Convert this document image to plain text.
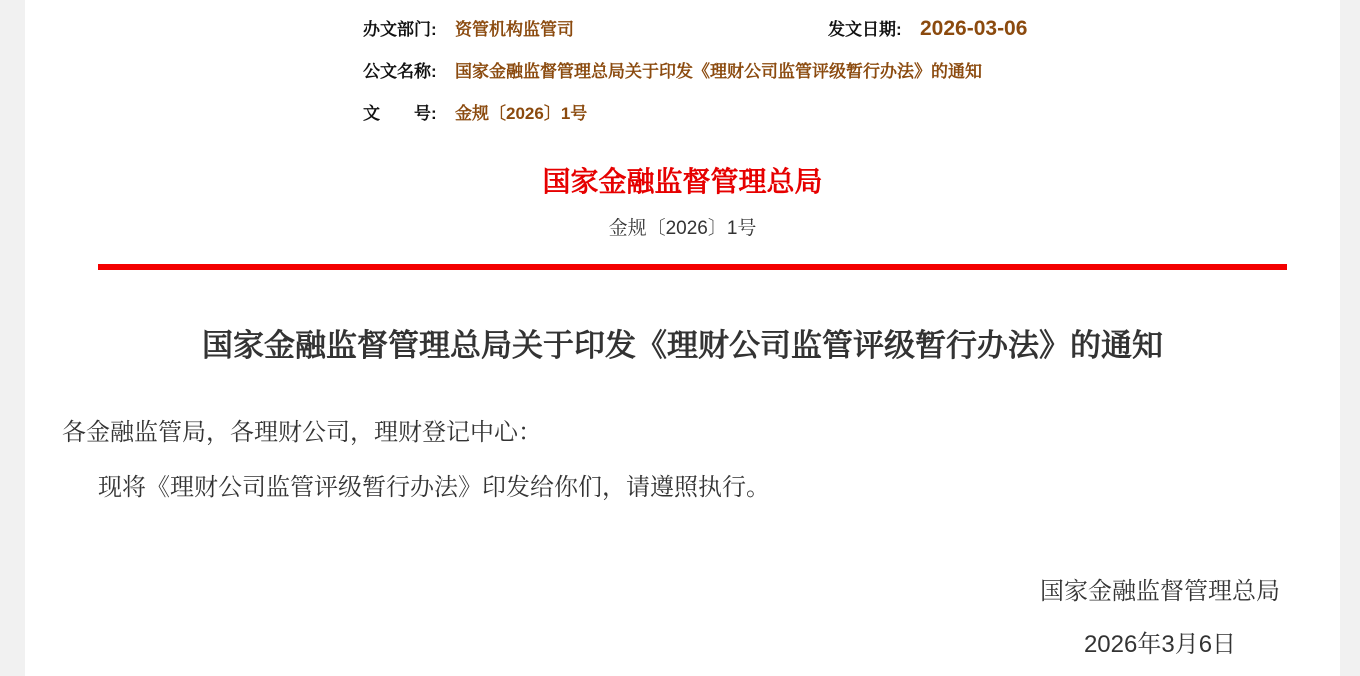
办文部门:	资管机构监管司	发文日期: 2026-03-06
公文名称:	国家金融监督管理总局关于印发《理财公司监管评级暂行办法》的通知
文　　号:	金规〔2026〕1号
国家金融监督管理总局
金规〔2026〕1号
国家金融监督管理总局关于印发《理财公司监管评级暂行办法》的通知

各金融监管局，各理财公司，理财登记中心：

现将《理财公司监管评级暂行办法》印发给你们，请遵照执行。

国家金融监督管理总局
2026年3月6日
